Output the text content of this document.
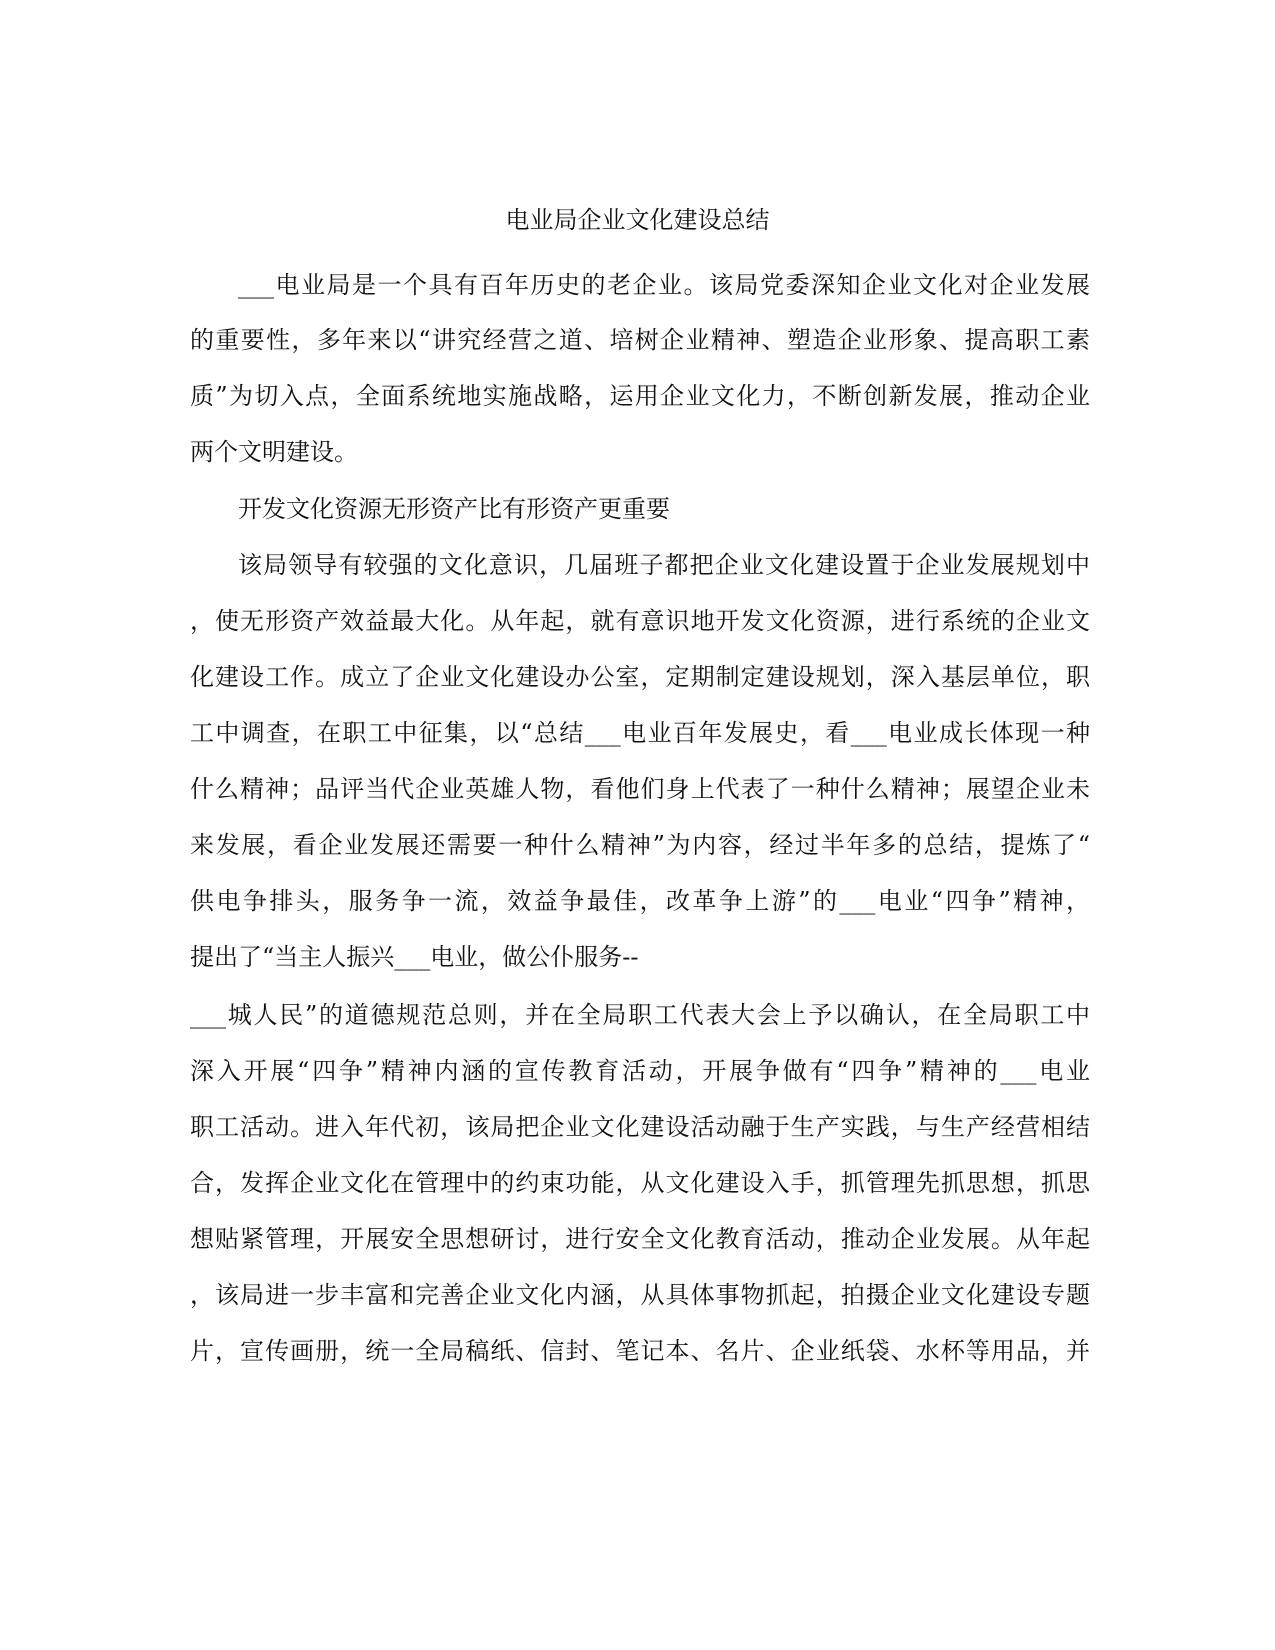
电业局企业文化建设总结
___电业局是一个具有百年历史的老企业。该局党委深知企业文化对企业发展
的重要性，多年来以“讲究经营之道、培树企业精神、塑造企业形象、提高职工素
质”为切入点，全面系统地实施战略，运用企业文化力，不断创新发展，推动企业
两个文明建设。
开发文化资源无形资产比有形资产更重要
该局领导有较强的文化意识，几届班子都把企业文化建设置于企业发展规划中
，使无形资产效益最大化。从年起，就有意识地开发文化资源，进行系统的企业文
化建设工作。成立了企业文化建设办公室，定期制定建设规划，深入基层单位，职
工中调查，在职工中征集，以“总结___电业百年发展史，看___电业成长体现一种
什么精神；品评当代企业英雄人物，看他们身上代表了一种什么精神；展望企业未
来发展，看企业发展还需要一种什么精神”为内容，经过半年多的总结，提炼了“
供电争排头，服务争一流，效益争最佳，改革争上游”的___电业“四争”精神，
提出了“当主人振兴___电业，做公仆服务--
___城人民”的道德规范总则，并在全局职工代表大会上予以确认，在全局职工中
深入开展“四争”精神内涵的宣传教育活动，开展争做有“四争”精神的___电业
职工活动。进入年代初，该局把企业文化建设活动融于生产实践，与生产经营相结
合，发挥企业文化在管理中的约束功能，从文化建设入手，抓管理先抓思想，抓思
想贴紧管理，开展安全思想研讨，进行安全文化教育活动，推动企业发展。从年起
，该局进一步丰富和完善企业文化内涵，从具体事物抓起，拍摄企业文化建设专题
片，宣传画册，统一全局稿纸、信封、笔记本、名片、企业纸袋、水杯等用品，并
